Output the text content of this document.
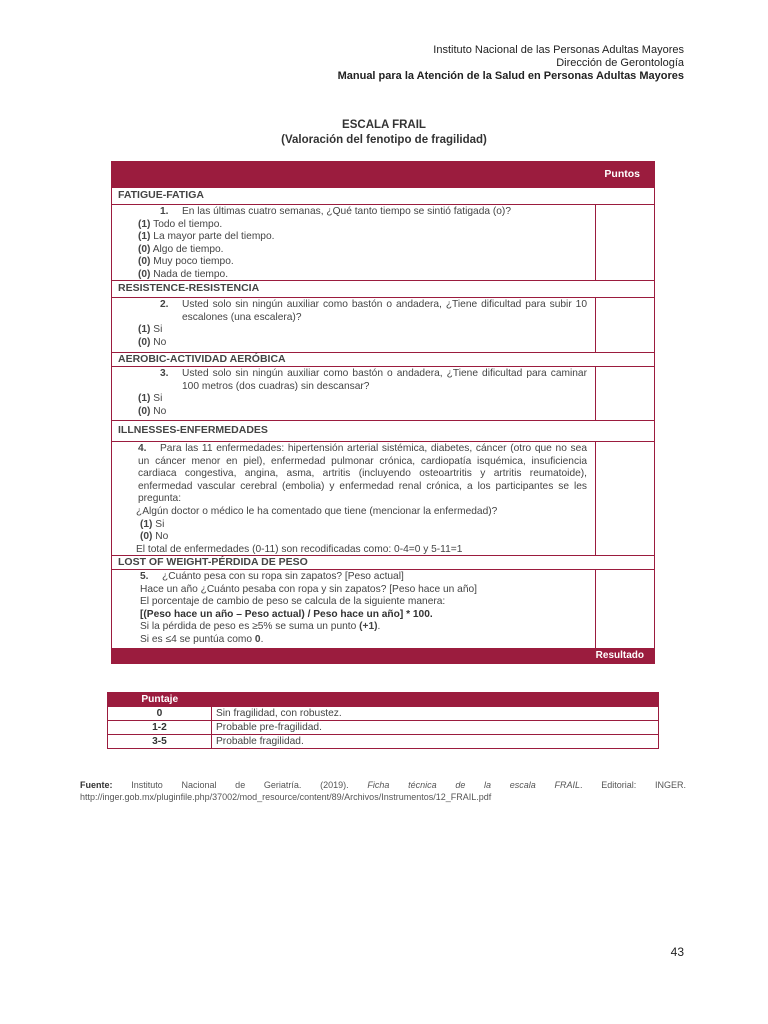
Instituto Nacional de las Personas Adultas Mayores
Dirección de Gerontología
Manual para la Atención de la Salud en Personas Adultas Mayores
ESCALA FRAIL
(Valoración del fenotipo de fragilidad)
Puntos
FATIGUE-FATIGA
1. En las últimas cuatro semanas, ¿Qué tanto tiempo se sintió fatigada (o)?
(1) Todo el tiempo.
(1) La mayor parte del tiempo.
(0) Algo de tiempo.
(0) Muy poco tiempo.
(0) Nada de tiempo.
RESISTENCE-RESISTENCIA
2.	Usted solo sin ningún auxiliar como bastón o andadera, ¿Tiene dificultad para subir 10 escalones (una escalera)?
(1) Si
(0) No
AEROBIC-ACTIVIDAD AERÓBICA
3.	Usted solo sin ningún auxiliar como bastón o andadera, ¿Tiene dificultad para caminar 100 metros (dos cuadras) sin descansar?
(1) Si
(0) No
ILLNESSES-ENFERMEDADES
4. Para las 11 enfermedades: hipertensión arterial sistémica, diabetes, cáncer (otro que no sea un cáncer menor en piel), enfermedad pulmonar crónica, cardiopatía isquémica, insuficiencia cardiaca congestiva, angina, asma, artritis (incluyendo osteoartritis y artritis reumatoide), enfermedad vascular cerebral (embolia) y enfermedad renal crónica, a los participantes se les pregunta:
¿Algún doctor o médico le ha comentado que tiene (mencionar la enfermedad)?
(1) Si
(0) No
El total de enfermedades (0-11) son recodificadas como: 0-4=0 y 5-11=1
LOST OF WEIGHT-PÉRDIDA DE PESO
5. ¿Cuánto pesa con su ropa sin zapatos? [Peso actual]
Hace un año ¿Cuánto pesaba con ropa y sin zapatos? [Peso hace un año]
El porcentaje de cambio de peso se calcula de la siguiente manera:
[(Peso hace un año – Peso actual) / Peso hace un año] * 100.
Si la pérdida de peso es ≥5% se suma un punto (+1).
Si es ≤4 se puntúa como 0.
Resultado
Puntaje	
0	Sin fragilidad, con robustez.
1-2	Probable pre-fragilidad.
3-5	Probable fragilidad.
Fuente: Instituto Nacional de Geriatría. (2019). Ficha técnica de la escala FRAIL. Editorial: INGER. http://inger.gob.mx/pluginfile.php/37002/mod_resource/content/89/Archivos/Instrumentos/12_FRAIL.pdf
43
